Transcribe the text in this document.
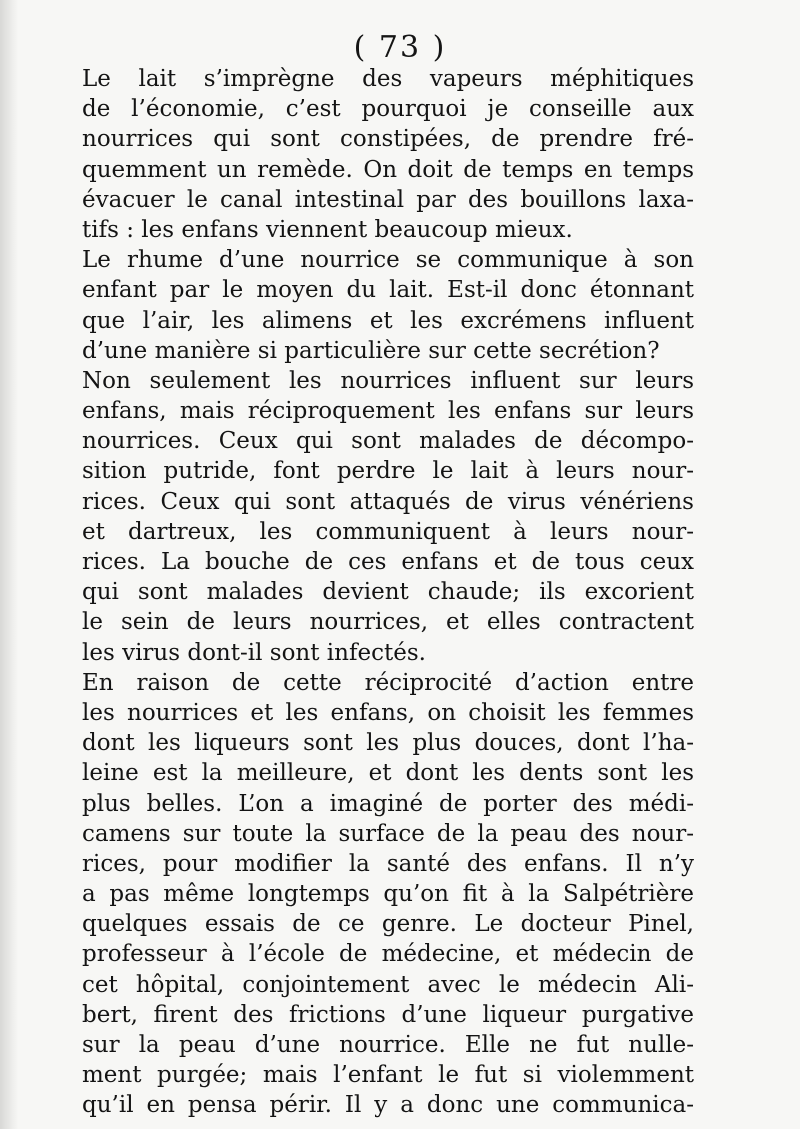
( 73 )
Le lait s’imprègne des vapeurs méphitiques
de l’économie, c’est pourquoi je conseille aux
nourrices qui sont constipées, de prendre fré-
quemment un remède. On doit de temps en temps
évacuer le canal intestinal par des bouillons laxa-
tifs : les enfans viennent beaucoup mieux.
Le rhume d’une nourrice se communique à son
enfant par le moyen du lait. Est-il donc étonnant
que l’air, les alimens et les excrémens influent
d’une manière si particulière sur cette secrétion?
Non seulement les nourrices influent sur leurs
enfans, mais réciproquement les enfans sur leurs
nourrices. Ceux qui sont malades de décompo-
sition putride, font perdre le lait à leurs nour-
rices. Ceux qui sont attaqués de virus vénériens
et dartreux, les communiquent à leurs nour-
rices. La bouche de ces enfans et de tous ceux
qui sont malades devient chaude; ils excorient
le sein de leurs nourrices, et elles contractent
les virus dont-il sont infectés.
En raison de cette réciprocité d’action entre
les nourrices et les enfans, on choisit les femmes
dont les liqueurs sont les plus douces, dont l’ha-
leine est la meilleure, et dont les dents sont les
plus belles. L’on a imaginé de porter des médi-
camens sur toute la surface de la peau des nour-
rices, pour modifier la santé des enfans. Il n’y
a pas même longtemps qu’on fit à la Salpétrière
quelques essais de ce genre. Le docteur Pinel,
professeur à l’école de médecine, et médecin de
cet hôpital, conjointement avec le médecin Ali-
bert, firent des frictions d’une liqueur purgative
sur la peau d’une nourrice. Elle ne fut nulle-
ment purgée; mais l’enfant le fut si violemment
qu’il en pensa périr. Il y a donc une communica-
